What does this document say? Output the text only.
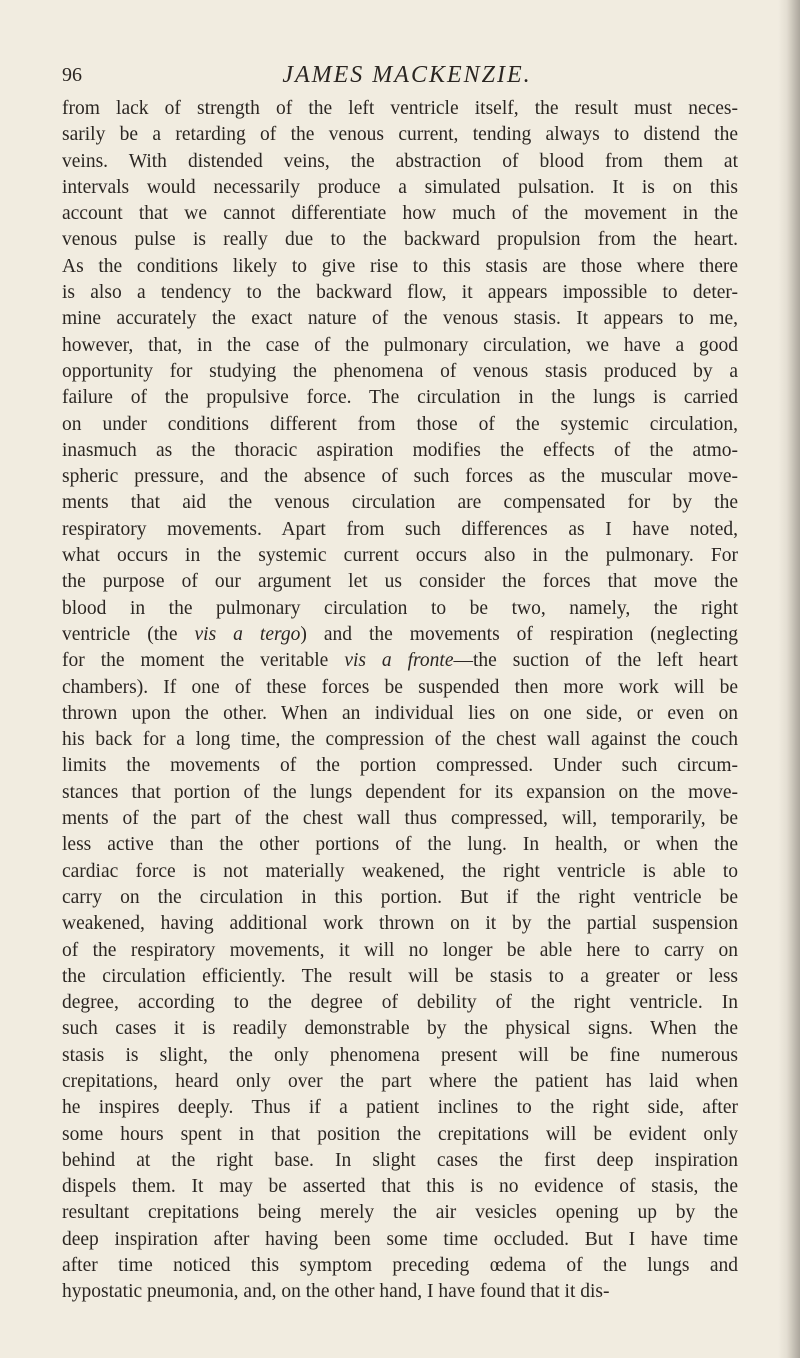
96	JAMES MACKENZIE.
from lack of strength of the left ventricle itself, the result must neces-
sarily be a retarding of the venous current, tending always to distend the
veins. With distended veins, the abstraction of blood from them at
intervals would necessarily produce a simulated pulsation. It is on this
account that we cannot differentiate how much of the movement in the
venous pulse is really due to the backward propulsion from the heart.
As the conditions likely to give rise to this stasis are those where there
is also a tendency to the backward flow, it appears impossible to deter-
mine accurately the exact nature of the venous stasis. It appears to me,
however, that, in the case of the pulmonary circulation, we have a good
opportunity for studying the phenomena of venous stasis produced by a
failure of the propulsive force. The circulation in the lungs is carried
on under conditions different from those of the systemic circulation,
inasmuch as the thoracic aspiration modifies the effects of the atmo-
spheric pressure, and the absence of such forces as the muscular move-
ments that aid the venous circulation are compensated for by the
respiratory movements. Apart from such differences as I have noted,
what occurs in the systemic current occurs also in the pulmonary. For
the purpose of our argument let us consider the forces that move the
blood in the pulmonary circulation to be two, namely, the right
ventricle (the vis a tergo) and the movements of respiration (neglecting
for the moment the veritable vis a fronte—the suction of the left heart
chambers). If one of these forces be suspended then more work will be
thrown upon the other. When an individual lies on one side, or even on
his back for a long time, the compression of the chest wall against the couch
limits the movements of the portion compressed. Under such circum-
stances that portion of the lungs dependent for its expansion on the move-
ments of the part of the chest wall thus compressed, will, temporarily, be
less active than the other portions of the lung. In health, or when the
cardiac force is not materially weakened, the right ventricle is able to
carry on the circulation in this portion. But if the right ventricle be
weakened, having additional work thrown on it by the partial suspension
of the respiratory movements, it will no longer be able here to carry on
the circulation efficiently. The result will be stasis to a greater or less
degree, according to the degree of debility of the right ventricle. In
such cases it is readily demonstrable by the physical signs. When the
stasis is slight, the only phenomena present will be fine numerous
crepitations, heard only over the part where the patient has laid when
he inspires deeply. Thus if a patient inclines to the right side, after
some hours spent in that position the crepitations will be evident only
behind at the right base. In slight cases the first deep inspiration
dispels them. It may be asserted that this is no evidence of stasis, the
resultant crepitations being merely the air vesicles opening up by the
deep inspiration after having been some time occluded. But I have time
after time noticed this symptom preceding œdema of the lungs and
hypostatic pneumonia, and, on the other hand, I have found that it dis-
